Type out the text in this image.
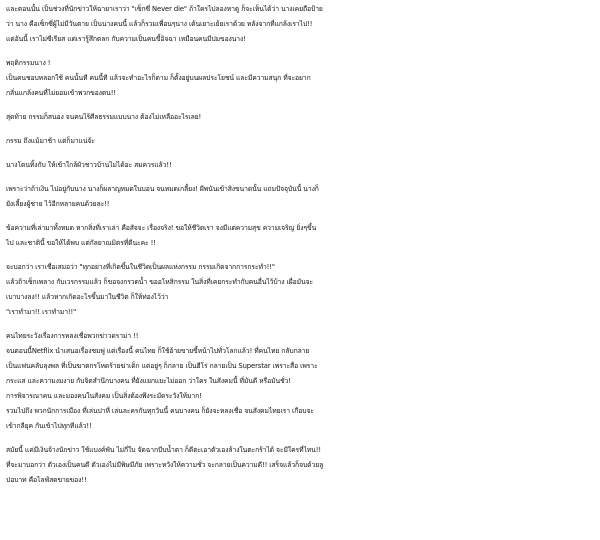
และตอนนั้น เป็นช่วงที่นักข่าวให้ฉายาเราว่า "เซ็กซี่ Never die" ถ้าใครไปลองหาดู ก็จะเห็นได้ว่า นางเคยถือป้าย

ว่า นาง คือเซ็กซี่ผู้ไม่มีวันตาย เป็นนางคนนี้ แล้วก็รวมเพื่อนๆนาง เต้นเยาะเย้ยเราด้วย หลังจากที่แกล้งเราไป!!

แต่อันนี้ เราไม่ซีเรียส แต่เรารู้สึกตลก กับความเป็นคนขี้อิจฉา เหมือนคนมีปมของนาง!

พฤติกรรมนาง !

เป็นคนชอบหลอกใช้ คนนั้นที คนนี้ที แล้วจะทำอะไรก็ตาม ก็ตั้งอยู่บนผลประโยชน์ และมีความสนุก ที่จะอยาก

กลั่นแกล้งคนที่ไม่ยอมเข้าพวกของตน!!

สุดท้าย กรรมก็สนอง จนคนไร้ศีลธรรมแบบนาง ต้องไม่เหลืออะไรเลย!

กรรม ถึงแม้มาช้า แต่ก็มาแน่จ้ะ

นางโดนทิ้งกับ ให้เข้าใกล้ผัวชาวบ้านไม่ได้อะ สมควรแล้ว!!

เพราะว่าถ้าเงิน ไปอยู่กับนาง นางก็ผลาญหมดในบอน จนหมดเกลี้ยง! ผีพนันเข้าสิงขนาดนั้น แถมปัจจุบันนี้ นางก็

ยังเลี้ยงผู้ชาย ไว้อีกหลายคนด้วยละ!!

ข้อความที่เล่ามาทั้งหมด หากสิ่งที่เราเล่า คือสัจจะ เรื่องจริง! ขอให้ชีวิตเรา จงมีแต่ความสุข ความเจริญ ยิ่งๆขึ้น

ไป และชาตินี้ ขอให้ได้พบ แต่กัลยาณมิตรที่ดีนะคะ !!

จะบอกว่า เราเชื่อเสมอว่า "ทุกอย่างที่เกิดขึ้นในชีวิตเป็นผลแห่งกรรม กรรมเกิดจากการกระทำ!!"

แล้วถ้าเซ็กเพลาง กับเวรกรรมแล้ว ก็ขอจงกรวดน้ำ ขออโหสิกรรม ในสิ่งที่เคยกระทำกับคนอื่นไว้บ้าง เผื่อมันจะ

เบาบางลง!! แล้วหากเกิดอะไรขึ้นมาในชีวิต ก็ให้ท่องไว้ว่า

"เราทำมา!! เราทำมา!!"

คนไทยระวังเรื่องการหลงเชื่อพวกข่าวดราม่า !!

จนตอนนี้Netflix นำเสนอเรื่องชมพู่ แต่เรื่องนี้ คนไทย ก็ใช้อ้ายขายขี้หน้าไปทั่วโลกแล้ว! ที่คนไทย กลับกลาย

เป็นแฟนคลับลุงพล ที่เป็นฆาตกรโหดร้ายฆ่าเด็ก แต่อยู่ๆ ก็กลาย เป็นฮีโร่ กลายเป็น Superstar เพราะสื่อ เพราะ

กระแส และความงมงาย กับจิตสำนึกบางคน ที่ยังแยกแยะไม่ออก ว่าใคร ในสังคมนี้ ที่มันดี หรือมันชั่ว!

การพิจารณาคน และมองคนในสังคม เป็นสิ่งต้องพึงระมัดระวังให้มาก!

รวมไปถึง พวกนักการเมือง ที่เล่นปาหี่ เล่นละครกันทุกวันนี้ คนบางคน ก็ยังจะหลงเชื่อ จนสังคมไทยเรา เกือบจะ

เข้ากลียุค กันเข้าไปทุกทีแล้ว!!

สมัยนี้ แค่มีเงินจ้างนักข่าว ใช้แบงค์พัน ไม่กี่ใบ จัดฉากบีบน้ำตา ก็ดีตะเอาตัวเองล้างในตะกร้าได้ จะมีใครที่ไหน!!

ที่จะมาบอกว่า ตัวเองเป็นคนดี ตัวเองไม่มีพิษมีภัย เพราะหวังให้ความชั่ว จะกลายเป็นความดี!! เสร็จแล้วก็จบด้วยลู

ปอบาท คือไลฟ์สดขายของ!!
